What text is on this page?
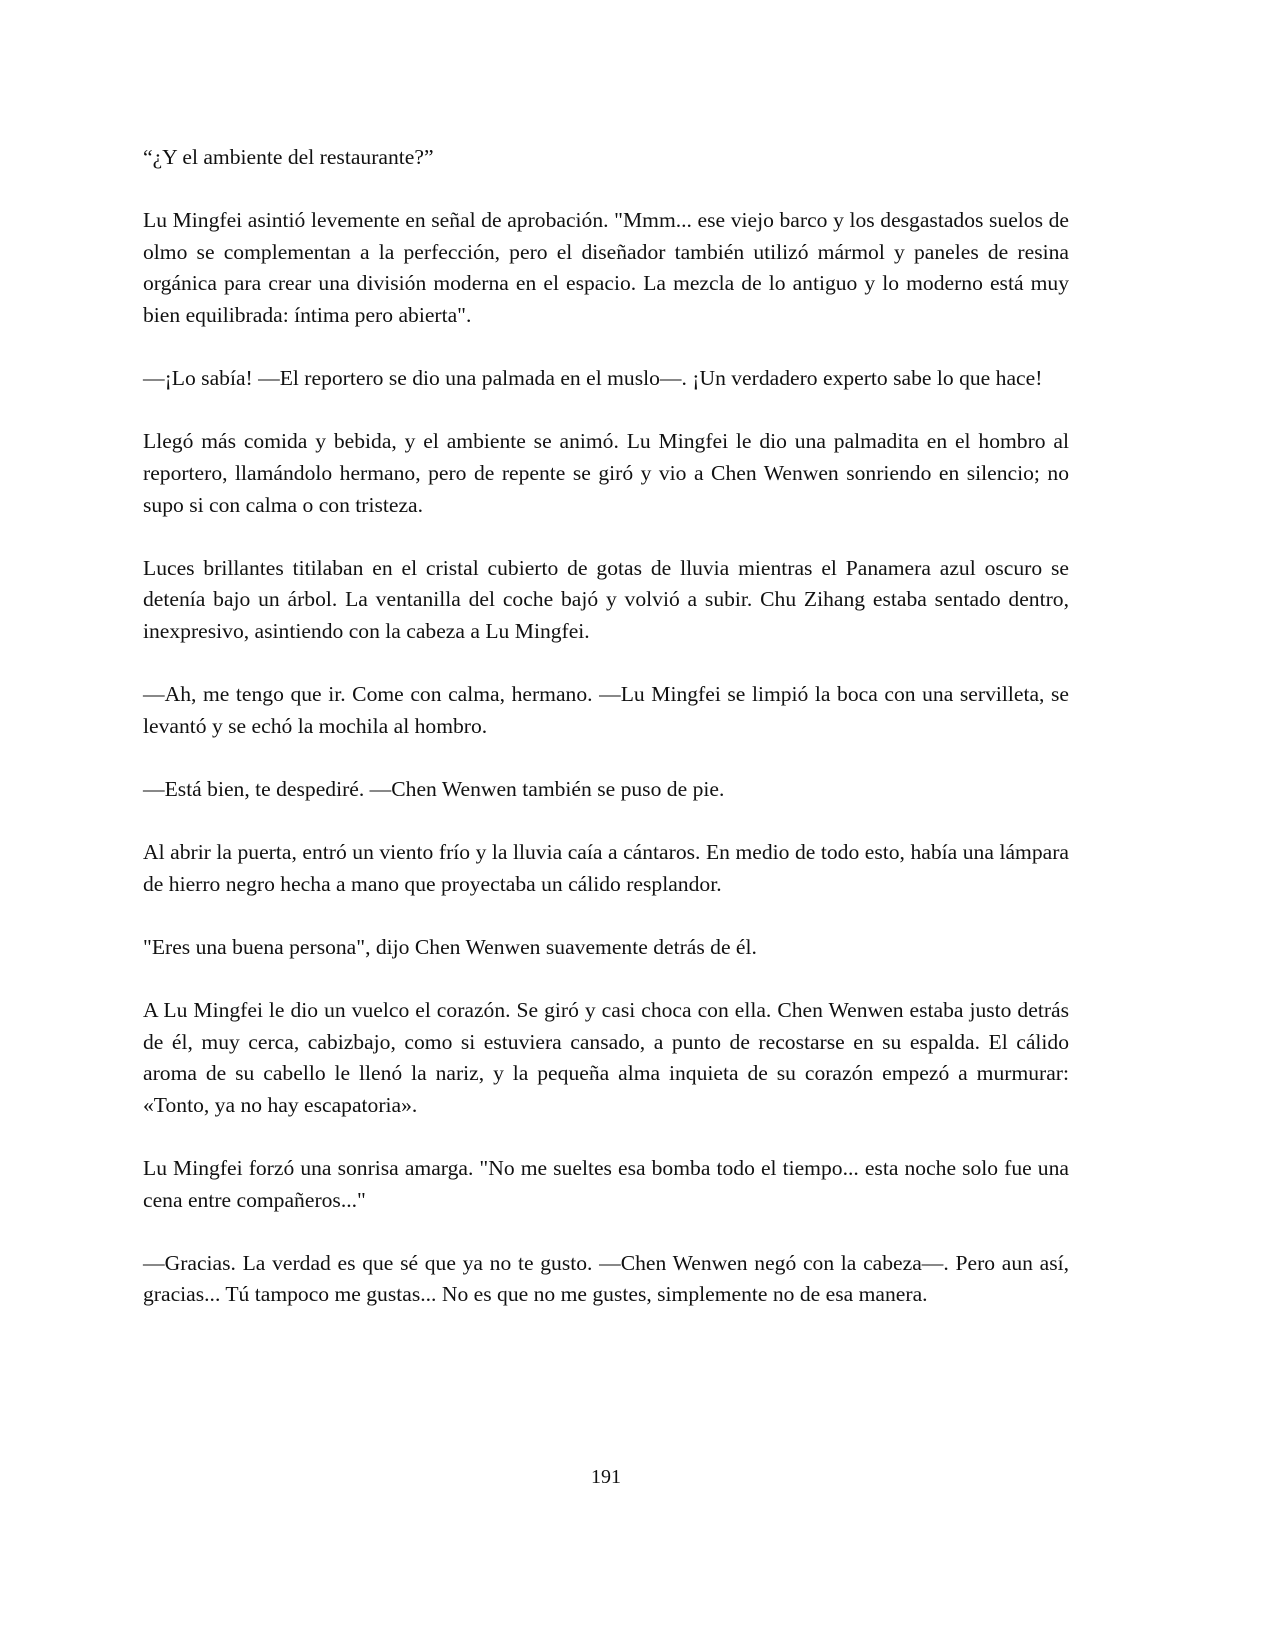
“¿Y el ambiente del restaurante?”

Lu Mingfei asintió levemente en señal de aprobación. "Mmm... ese viejo barco y los desgastados suelos de olmo se complementan a la perfección, pero el diseñador también utilizó mármol y paneles de resina orgánica para crear una división moderna en el espacio. La mezcla de lo antiguo y lo moderno está muy bien equilibrada: íntima pero abierta".

—¡Lo sabía! —El reportero se dio una palmada en el muslo—. ¡Un verdadero experto sabe lo que hace!

Llegó más comida y bebida, y el ambiente se animó. Lu Mingfei le dio una palmadita en el hombro al reportero, llamándolo hermano, pero de repente se giró y vio a Chen Wenwen sonriendo en silencio; no supo si con calma o con tristeza.

Luces brillantes titilaban en el cristal cubierto de gotas de lluvia mientras el Panamera azul oscuro se detenía bajo un árbol. La ventanilla del coche bajó y volvió a subir. Chu Zihang estaba sentado dentro, inexpresivo, asintiendo con la cabeza a Lu Mingfei.

—Ah, me tengo que ir. Come con calma, hermano. —Lu Mingfei se limpió la boca con una servilleta, se levantó y se echó la mochila al hombro.

—Está bien, te despediré. —Chen Wenwen también se puso de pie.

Al abrir la puerta, entró un viento frío y la lluvia caía a cántaros. En medio de todo esto, había una lámpara de hierro negro hecha a mano que proyectaba un cálido resplandor.

"Eres una buena persona", dijo Chen Wenwen suavemente detrás de él.

A Lu Mingfei le dio un vuelco el corazón. Se giró y casi choca con ella. Chen Wenwen estaba justo detrás de él, muy cerca, cabizbajo, como si estuviera cansado, a punto de recostarse en su espalda. El cálido aroma de su cabello le llenó la nariz, y la pequeña alma inquieta de su corazón empezó a murmurar: «Tonto, ya no hay escapatoria».

Lu Mingfei forzó una sonrisa amarga. "No me sueltes esa bomba todo el tiempo... esta noche solo fue una cena entre compañeros..."

—Gracias. La verdad es que sé que ya no te gusto. —Chen Wenwen negó con la cabeza—. Pero aun así, gracias... Tú tampoco me gustas... No es que no me gustes, simplemente no de esa manera.

191
